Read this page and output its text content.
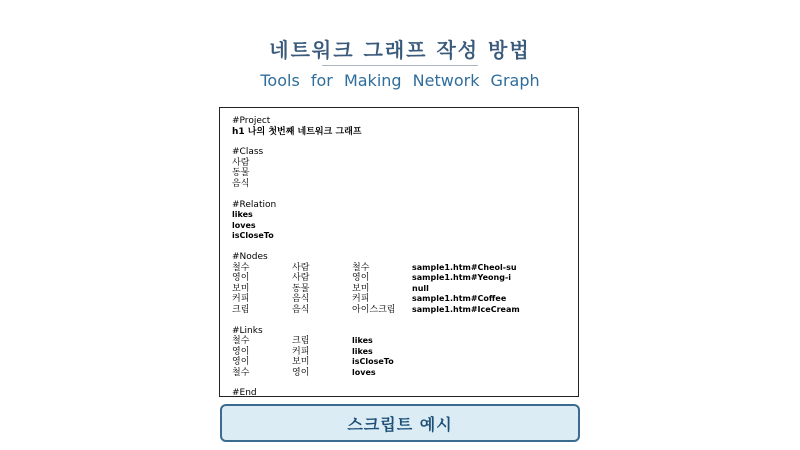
네트워크 그래프 작성 방법
Tools for Making Network Graph
#Project
h1 나의 첫번째 네트워크 그래프
#Class
사람
동물
음식
#Relation
likes
loves
isCloseTo
#Nodes
철수	사람	철수	sample1.htm#Cheol-su
영이	사람	영이	sample1.htm#Yeong-i
보미	동물	보미	null
커피	음식	커피	sample1.htm#Coffee
크림	음식	아이스크림	sample1.htm#IceCream
#Links
철수	크림	likes
영이	커피	likes
영이	보미	isCloseTo
철수	영이	loves
#End
스크립트 예시
